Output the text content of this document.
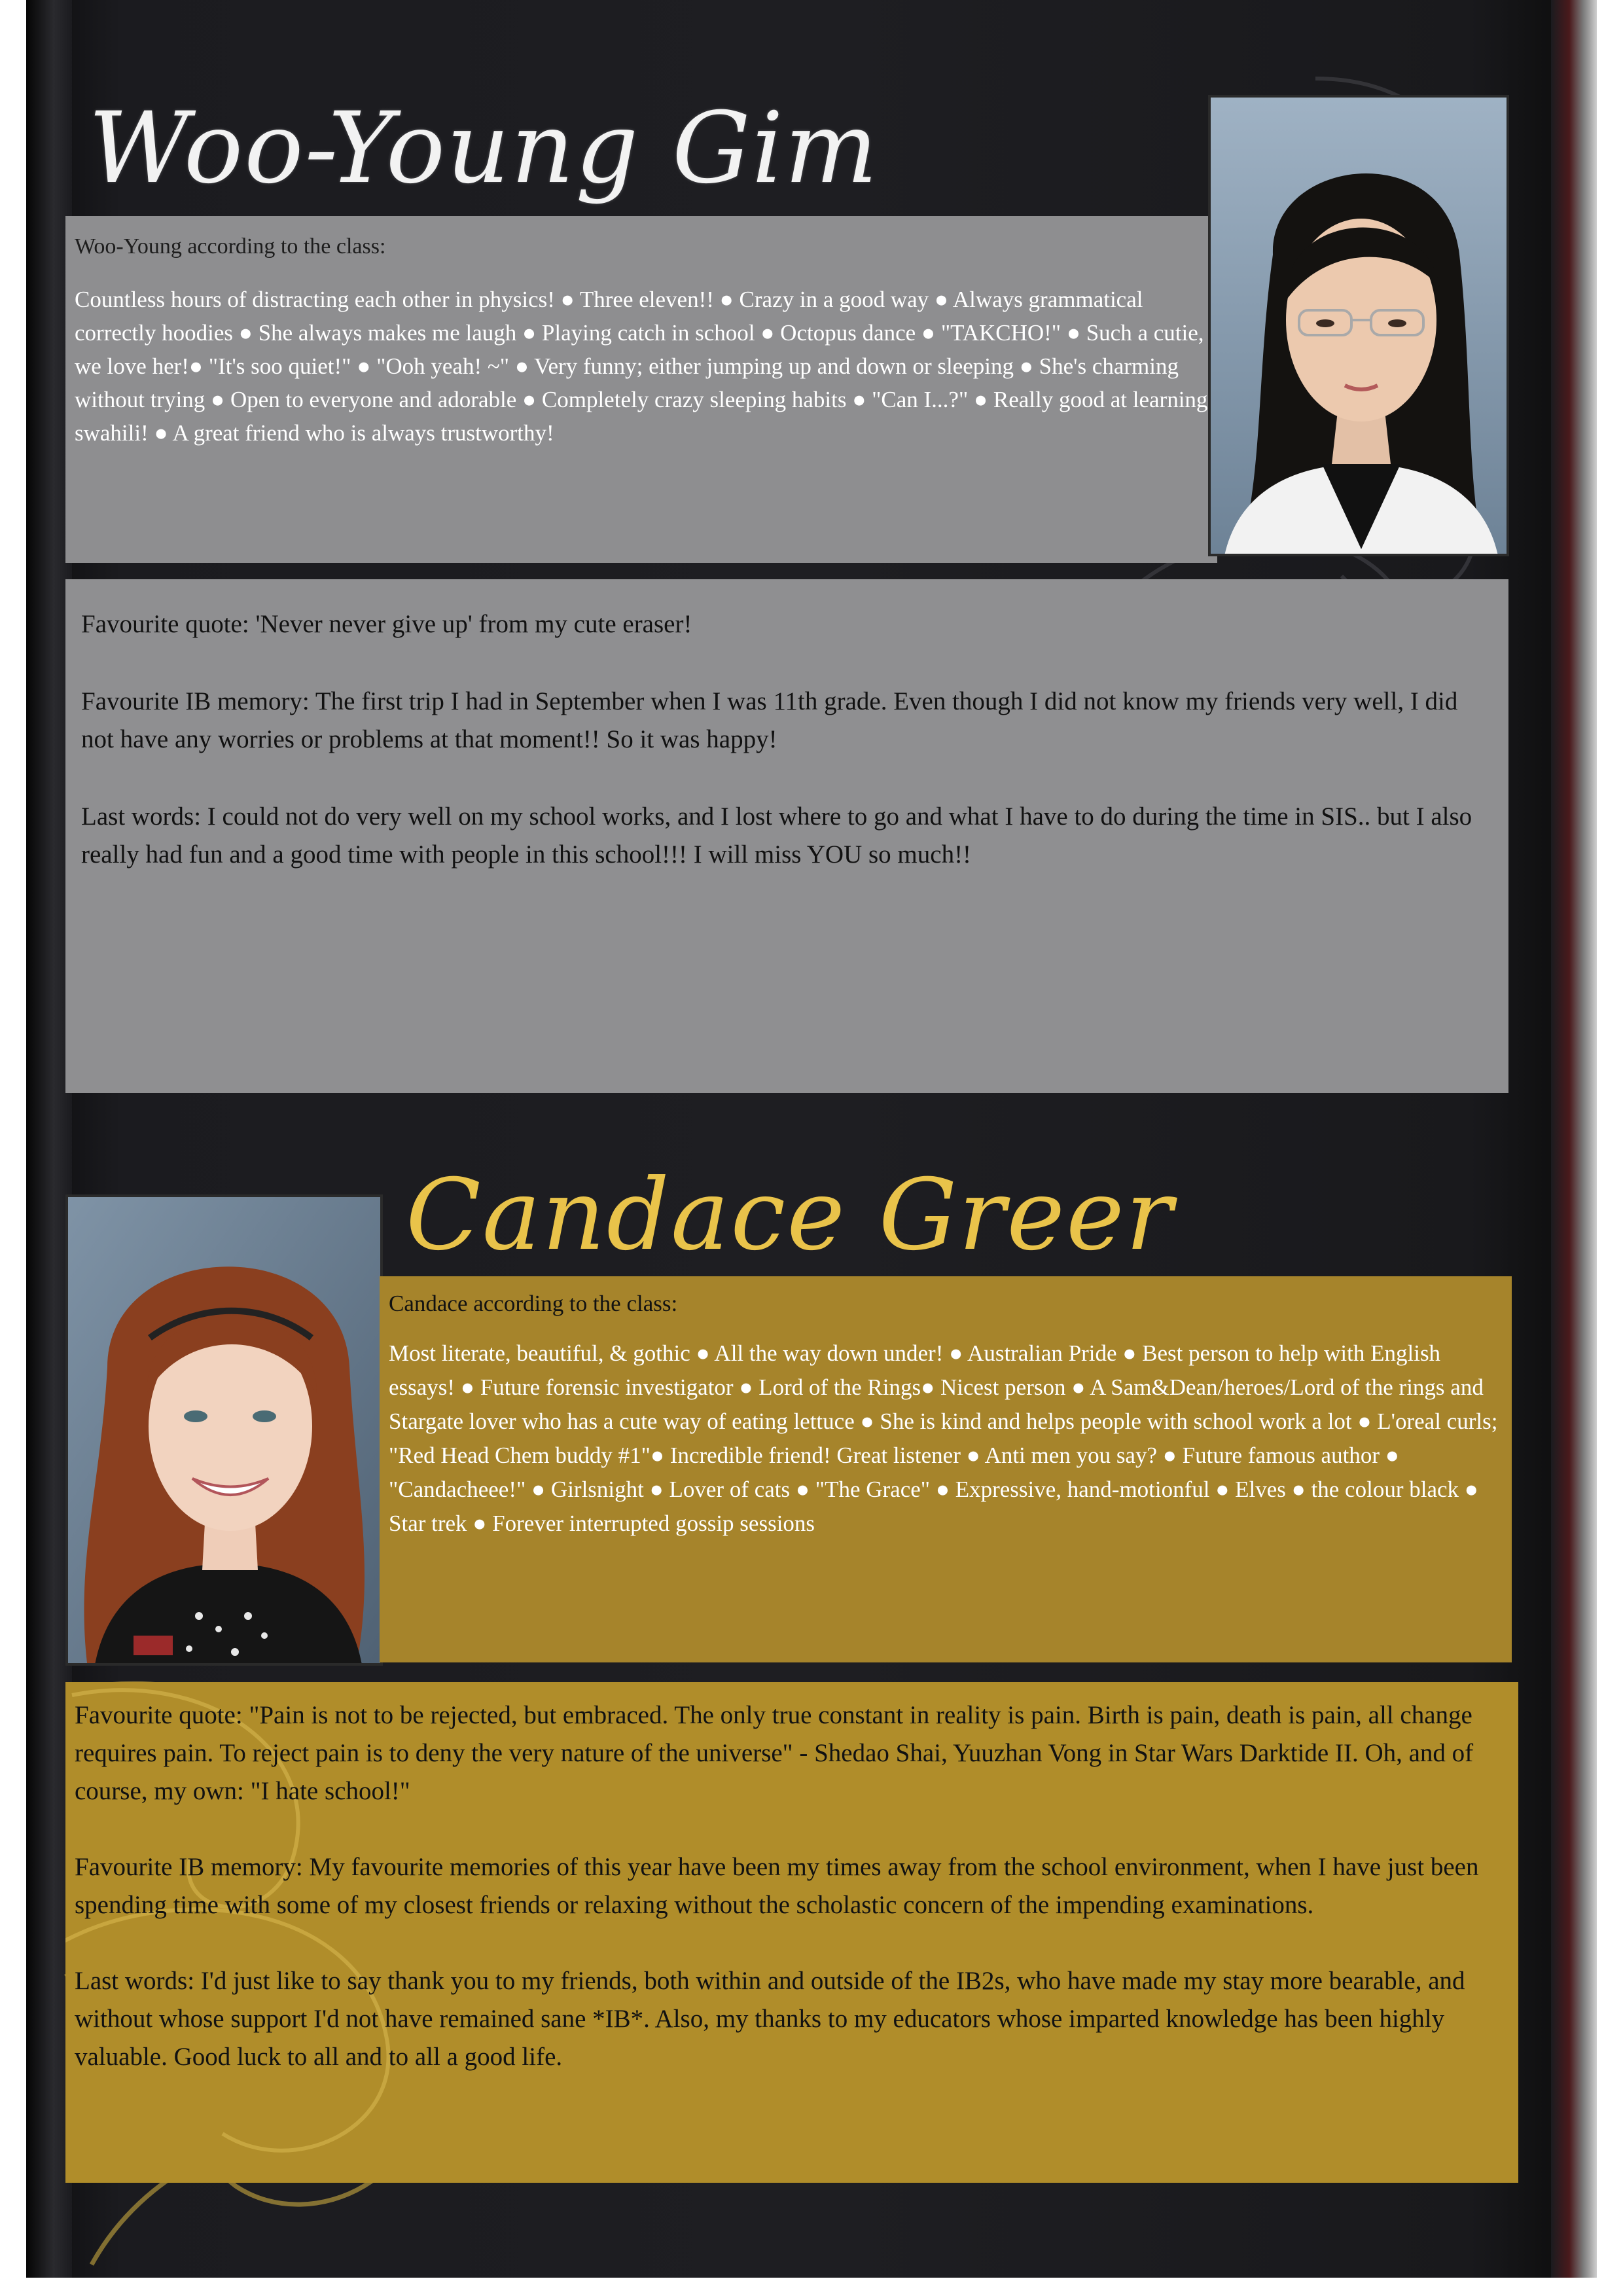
Woo-Young Gim
Woo-Young according to the class:
Countless hours of distracting each other in physics! ● Three eleven!! ● Crazy in a good way ● Always grammatical correctly hoodies ● She always makes me laugh ● Playing catch in school ● Octopus dance ● "TAKCHO!" ● Such a cutie, we love her!● "It's soo quiet!" ● "Ooh yeah! ~" ● Very funny; either jumping up and down or sleeping ● She's charming without trying ● Open to everyone and adorable ● Completely crazy sleeping habits ● "Can I...?" ● Really good at learning swahili! ● A great friend who is always trustworthy!

Favourite quote: 'Never never give up' from my cute eraser!

Favourite IB memory: The first trip I had in September when I was 11th grade. Even though I did not know my friends very well, I did not have any worries or problems at that moment!! So it was happy!

Last words: I could not do very well on my school works, and I lost where to go and what I have to do during the time in SIS.. but I also really had fun and a good time with people in this school!!! I will miss YOU so much!!

Candace Greer
Candace according to the class:
Most literate, beautiful, & gothic ● All the way down under! ● Australian Pride ● Best person to help with English essays! ● Future forensic investigator ● Lord of the Rings● Nicest person ● A Sam&Dean/heroes/Lord of the rings and Stargate lover who has a cute way of eating lettuce ● She is kind and helps people with school work a lot ● L'oreal curls; "Red Head Chem buddy #1"● Incredible friend! Great listener ● Anti men you say? ● Future famous author ● "Candacheee!" ● Girlsnight ● Lover of cats ● "The Grace" ● Expressive, hand-motionful ● Elves ● the colour black ● Star trek ● Forever interrupted gossip sessions

Favourite quote: "Pain is not to be rejected, but embraced. The only true constant in reality is pain. Birth is pain, death is pain, all change requires pain. To reject pain is to deny the very nature of the universe" - Shedao Shai, Yuuzhan Vong in Star Wars Darktide II. Oh, and of course, my own: "I hate school!"

Favourite IB memory: My favourite memories of this year have been my times away from the school environment, when I have just been spending time with some of my closest friends or relaxing without the scholastic concern of the impending examinations.

Last words: I'd just like to say thank you to my friends, both within and outside of the IB2s, who have made my stay more bearable, and without whose support I'd not have remained sane *IB*. Also, my thanks to my educators whose imparted knowledge has been highly valuable. Good luck to all and to all a good life.
